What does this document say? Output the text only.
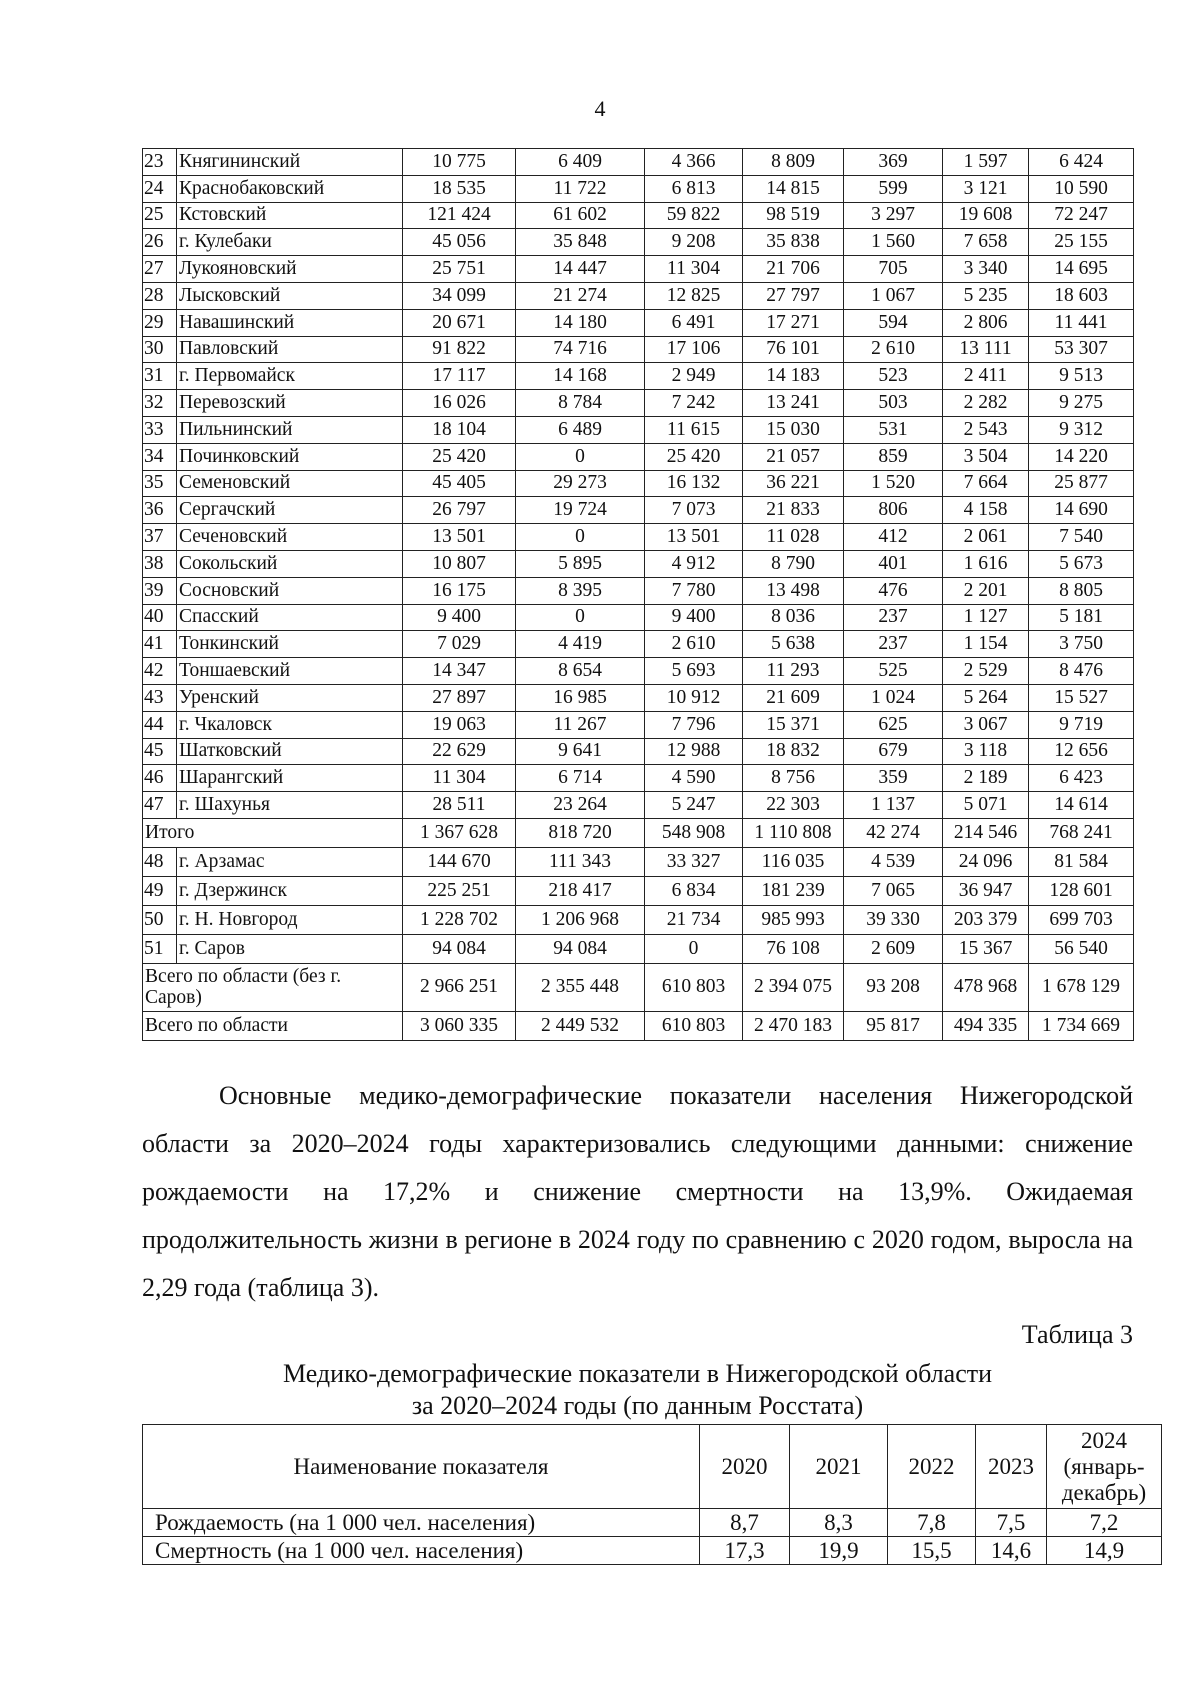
4
23	Княгининский	10 775	6 409	4 366	8 809	369	1 597	6 424
24	Краснобаковский	18 535	11 722	6 813	14 815	599	3 121	10 590
25	Кстовский	121 424	61 602	59 822	98 519	3 297	19 608	72 247
26	г. Кулебаки	45 056	35 848	9 208	35 838	1 560	7 658	25 155
27	Лукояновский	25 751	14 447	11 304	21 706	705	3 340	14 695
28	Лысковский	34 099	21 274	12 825	27 797	1 067	5 235	18 603
29	Навашинский	20 671	14 180	6 491	17 271	594	2 806	11 441
30	Павловский	91 822	74 716	17 106	76 101	2 610	13 111	53 307
31	г. Первомайск	17 117	14 168	2 949	14 183	523	2 411	9 513
32	Перевозский	16 026	8 784	7 242	13 241	503	2 282	9 275
33	Пильнинский	18 104	6 489	11 615	15 030	531	2 543	9 312
34	Починковский	25 420	0	25 420	21 057	859	3 504	14 220
35	Семеновский	45 405	29 273	16 132	36 221	1 520	7 664	25 877
36	Сергачский	26 797	19 724	7 073	21 833	806	4 158	14 690
37	Сеченовский	13 501	0	13 501	11 028	412	2 061	7 540
38	Сокольский	10 807	5 895	4 912	8 790	401	1 616	5 673
39	Сосновский	16 175	8 395	7 780	13 498	476	2 201	8 805
40	Спасский	9 400	0	9 400	8 036	237	1 127	5 181
41	Тонкинский	7 029	4 419	2 610	5 638	237	1 154	3 750
42	Тоншаевский	14 347	8 654	5 693	11 293	525	2 529	8 476
43	Уренский	27 897	16 985	10 912	21 609	1 024	5 264	15 527
44	г. Чкаловск	19 063	11 267	7 796	15 371	625	3 067	9 719
45	Шатковский	22 629	9 641	12 988	18 832	679	3 118	12 656
46	Шарангский	11 304	6 714	4 590	8 756	359	2 189	6 423
47	г. Шахунья	28 511	23 264	5 247	22 303	1 137	5 071	14 614
Итого		1 367 628	818 720	548 908	1 110 808	42 274	214 546	768 241
48	г. Арзамас	144 670	111 343	33 327	116 035	4 539	24 096	81 584
49	г. Дзержинск	225 251	218 417	6 834	181 239	7 065	36 947	128 601
50	г. Н. Новгород	1 228 702	1 206 968	21 734	985 993	39 330	203 379	699 703
51	г. Саров	94 084	94 084	0	76 108	2 609	15 367	56 540
Всего по области (без г. Саров)		2 966 251	2 355 448	610 803	2 394 075	93 208	478 968	1 678 129
Всего по области		3 060 335	2 449 532	610 803	2 470 183	95 817	494 335	1 734 669

Основные медико-демографические показатели населения Нижегородской области за 2020–2024 годы характеризовались следующими данными: снижение рождаемости на 17,2% и снижение смертности на 13,9%. Ожидаемая продолжительность жизни в регионе в 2024 году по сравнению с 2020 годом, выросла на 2,29 года (таблица 3).

Таблица 3
Медико-демографические показатели в Нижегородской области
за 2020–2024 годы (по данным Росстата)
Наименование показателя	2020	2021	2022	2023	2024
(январь-
декабрь)

Рождаемость (на 1 000 чел. населения)	8,7	8,3	7,8	7,5	7,2
Смертность (на 1 000 чел. населения)	17,3	19,9	15,5	14,6	14,9
